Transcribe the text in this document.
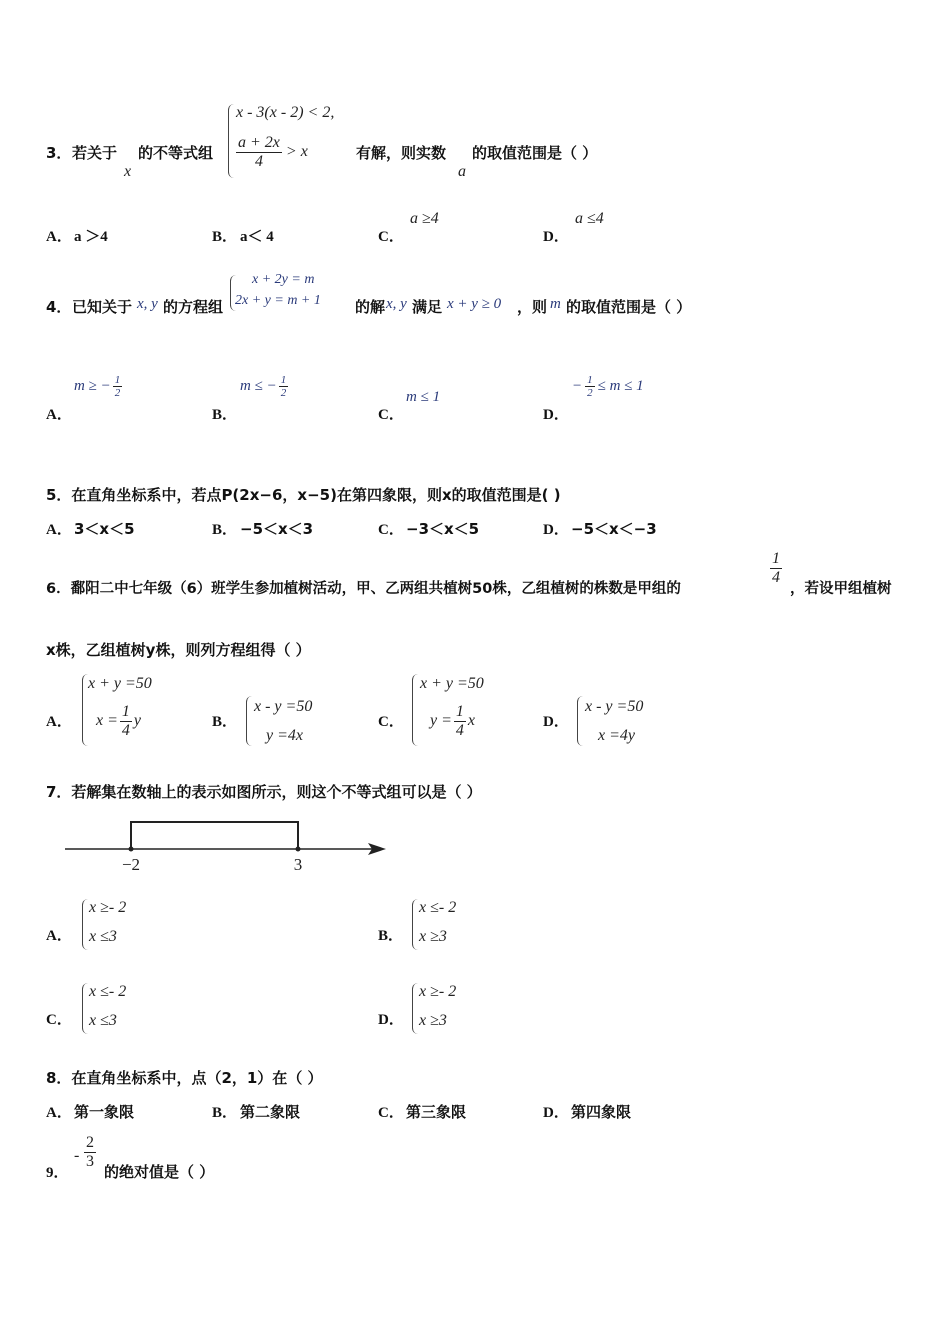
3． 若关于
x
的不等式组
x - 3(x - 2) < 2,
$\frac{a + 2x}{4} > x$	有解，则实数
a
的取值范围是（ ）
A． a ＞4	B． a＜ 4	C．
a ≥4
D．
a ≤4
4． 已知关于 x, y 的方程组
x + 2y = m
2x + y = m + 1 的解 x, y 满足 x + y ≥ 0 ，则 m 的取值范围是（ ）
A．
m ≥ − $\frac{1}{2}$
B．
m ≤ − $\frac{1}{2}$
C．
m ≤ 1
D．
− $\frac{1}{2} \le m \le 1$
5．在直角坐标系中，若点P(2x−6，x−5)在第四象限，则x的取值范围是( )
A． 3＜x＜5	B． −5＜x＜3	C． −3＜x＜5	D． −5＜x＜−3
6．鄱阳二中七年级（6）班学生参加植树活动，甲、乙两组共植树50株，乙组植树的株数是甲组的
$\frac{1}{4}$
，若设甲组植树
x株，乙组植树y株，则列方程组得（ ）
A．
x + y =50
$x = \frac{1}{4}$ y	B．
x - y =50
y =4x
C．
x + y =50
$y = \frac{1}{4}$ x	D．
x - y =50
x =4y
7．若解集在数轴上的表示如图所示，则这个不等式组可以是（ ）
−2	3
A．
x ≥- 2
x ≤3	B．
x ≤- 2
x ≥3
C．
x ≤- 2
x ≤3	D．
x ≥- 2
x ≥3
8．在直角坐标系中，点（2，1）在（ ）
A． 第一象限	B． 第二象限	C． 第三象限	D． 第四象限
9．
- $\frac{2}{3}$
的绝对值是（ ）
